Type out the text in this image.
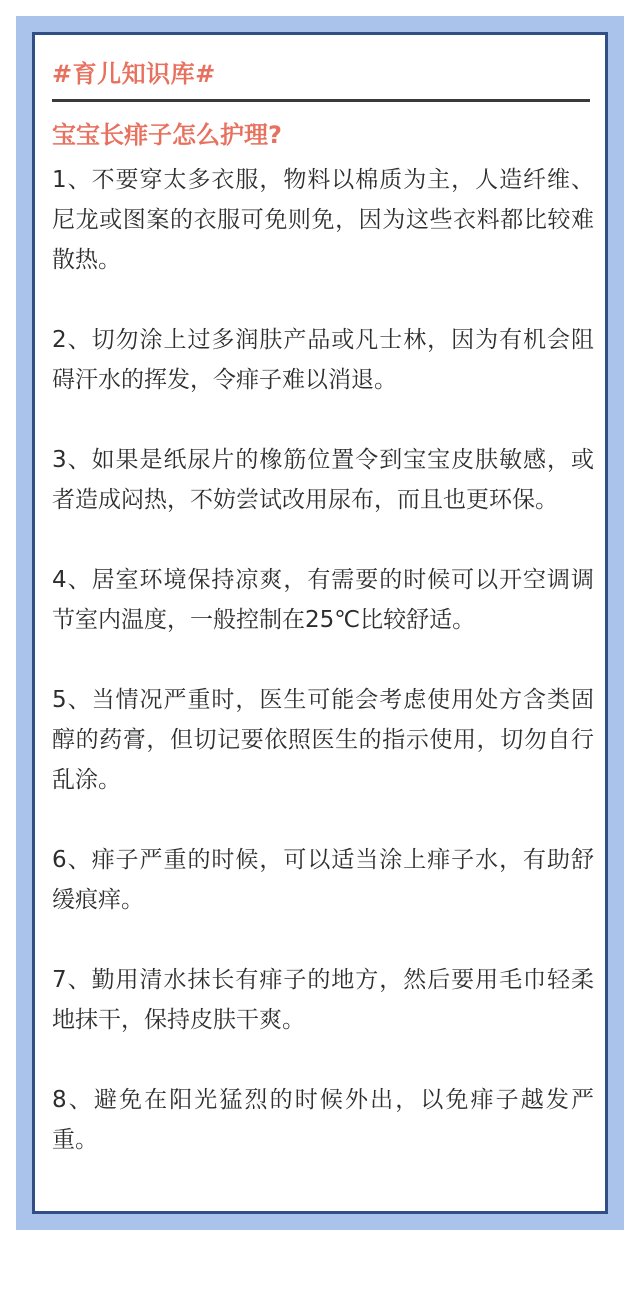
#育儿知识库#
宝宝长痱子怎么护理?

1、不要穿太多衣服，物料以棉质为主，人造纤维、尼龙或图案的衣服可免则免，因为这些衣料都比较难散热。

2、切勿涂上过多润肤产品或凡士林，因为有机会阻碍汗水的挥发，令痱子难以消退。

3、如果是纸尿片的橡筋位置令到宝宝皮肤敏感，或者造成闷热，不妨尝试改用尿布，而且也更环保。

4、居室环境保持凉爽，有需要的时候可以开空调调节室内温度，一般控制在25℃比较舒适。

5、当情况严重时，医生可能会考虑使用处方含类固醇的药膏，但切记要依照医生的指示使用，切勿自行乱涂。

6、痱子严重的时候，可以适当涂上痱子水，有助舒缓痕痒。

7、勤用清水抹长有痱子的地方，然后要用毛巾轻柔地抹干，保持皮肤干爽。

8、避免在阳光猛烈的时候外出，以免痱子越发严重。
